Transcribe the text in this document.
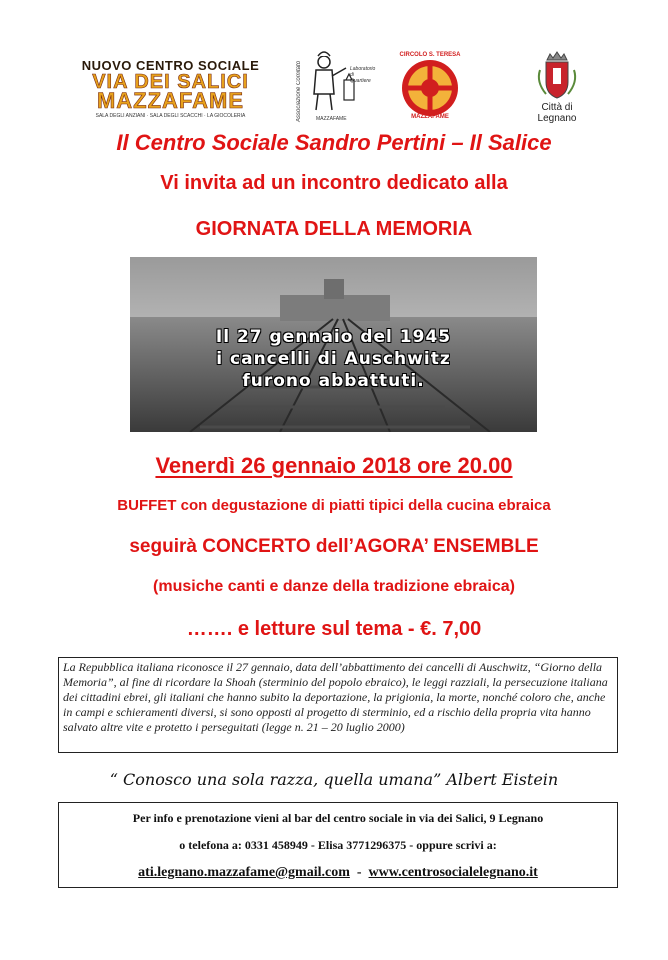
NUOVO CENTRO SOCIALE
VIA DEI SALICI
MAZZAFAME
SALA DEGLI ANZIANI · SALA DEGLI SCACCHI · LA GIOCOLERIA	Associazione Comitato	Laboratorio di Quartiere
MAZZAFAME
CIRCOLO S. TERESA
MAZZAFAME
Città di Legnano
Il Centro Sociale Sandro Pertini – Il Salice
Vi invita ad un incontro dedicato alla
GIORNATA DELLA MEMORIA
Il 27 gennaio del 1945
i cancelli di Auschwitz
furono abbattuti.
Venerdì 26 gennaio 2018 ore 20.00
BUFFET con degustazione di piatti tipici della cucina ebraica
seguirà CONCERTO dell’AGORA’ ENSEMBLE
(musiche canti e danze della tradizione ebraica)
……. e letture sul tema - €. 7,00

La Repubblica italiana riconosce il 27 gennaio, data dell’abbattimento dei cancelli di Auschwitz, “Giorno della Memoria”, al fine di ricordare la Shoah (sterminio del popolo ebraico), le leggi razziali, la persecuzione italiana dei cittadini ebrei, gli italiani che hanno subito la deportazione, la prigionia, la morte, nonché coloro che, anche in campi e schieramenti diversi, si sono opposti al progetto di sterminio, ed a rischio della propria vita hanno salvato altre vite e protetto i perseguitati (legge n. 21 – 20 luglio 2000)

“ Conosco una sola razza, quella umana” Albert Eistein
Per info e prenotazione vieni al bar del centro sociale in via dei Salici, 9 Legnano
o telefona a: 0331 458949 - Elisa 3771296375 - oppure scrivi a:
ati.legnano.mazzafame@gmail.com  -  www.centrosocialelegnano.it
